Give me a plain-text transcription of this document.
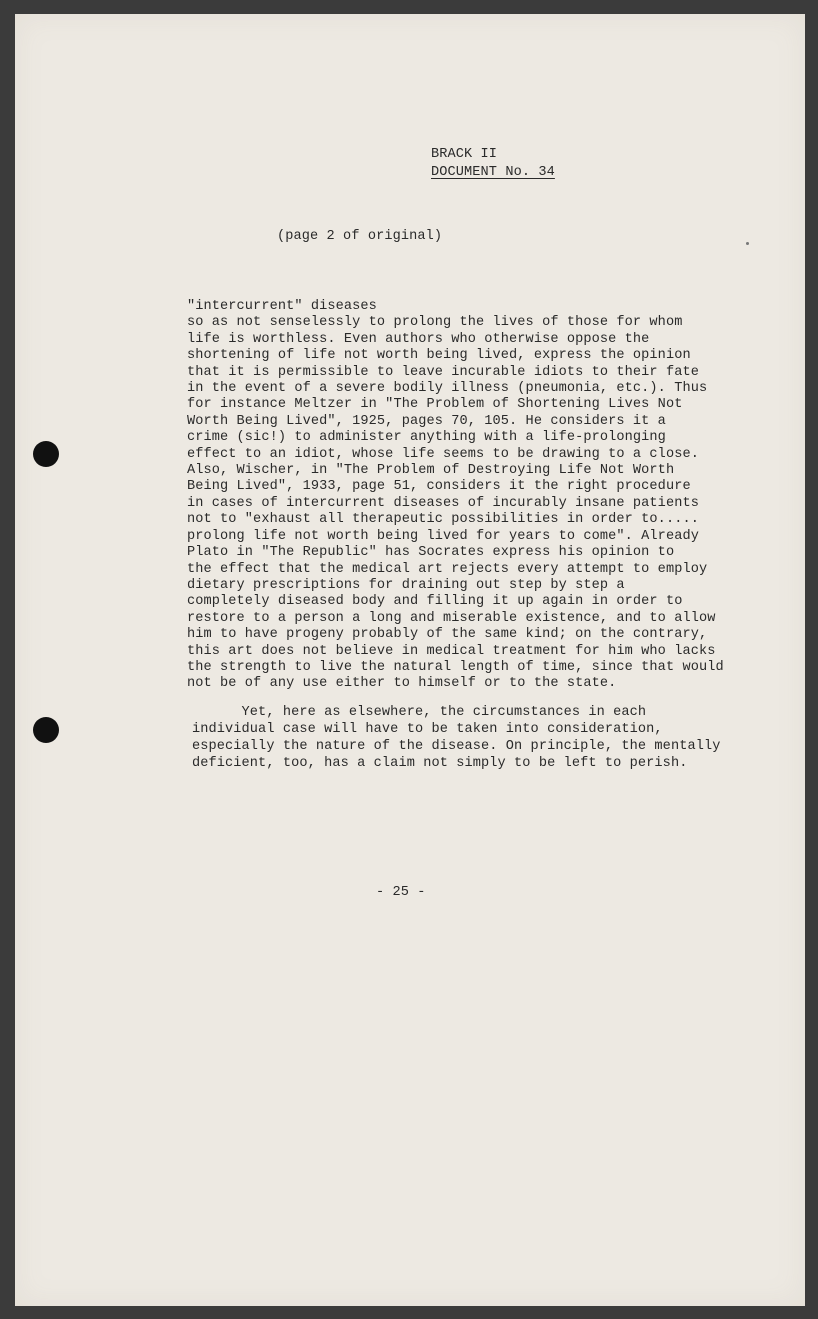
BRACK II
DOCUMENT No. 34
(page 2 of original)
"intercurrent" diseases
so as not senselessly to prolong the lives of those for whom
life is worthless. Even authors who otherwise oppose the
shortening of life not worth being lived, express the opinion
that it is permissible to leave incurable idiots to their fate
in the event of a severe bodily illness (pneumonia, etc.). Thus
for instance Meltzer in "The Problem of Shortening Lives Not
Worth Being Lived", 1925, pages 70, 105. He considers it a
crime (sic!) to administer anything with a life-prolonging
effect to an idiot, whose life seems to be drawing to a close.
Also, Wischer, in "The Problem of Destroying Life Not Worth
Being Lived", 1933, page 51, considers it the right procedure
in cases of intercurrent diseases of incurably insane patients
not to "exhaust all therapeutic possibilities in order to.....
prolong life not worth being lived for years to come". Already
Plato in "The Republic" has Socrates express his opinion to
the effect that the medical art rejects every attempt to employ
dietary prescriptions for draining out step by step a
completely diseased body and filling it up again in order to
restore to a person a long and miserable existence, and to allow
him to have progeny probably of the same kind; on the contrary,
this art does not believe in medical treatment for him who lacks
the strength to live the natural length of time, since that would
not be of any use either to himself or to the state.
Yet, here as elsewhere, the circumstances in each
individual case will have to be taken into consideration,
especially the nature of the disease. On principle, the mentally
deficient, too, has a claim not simply to be left to perish.
- 25 -
